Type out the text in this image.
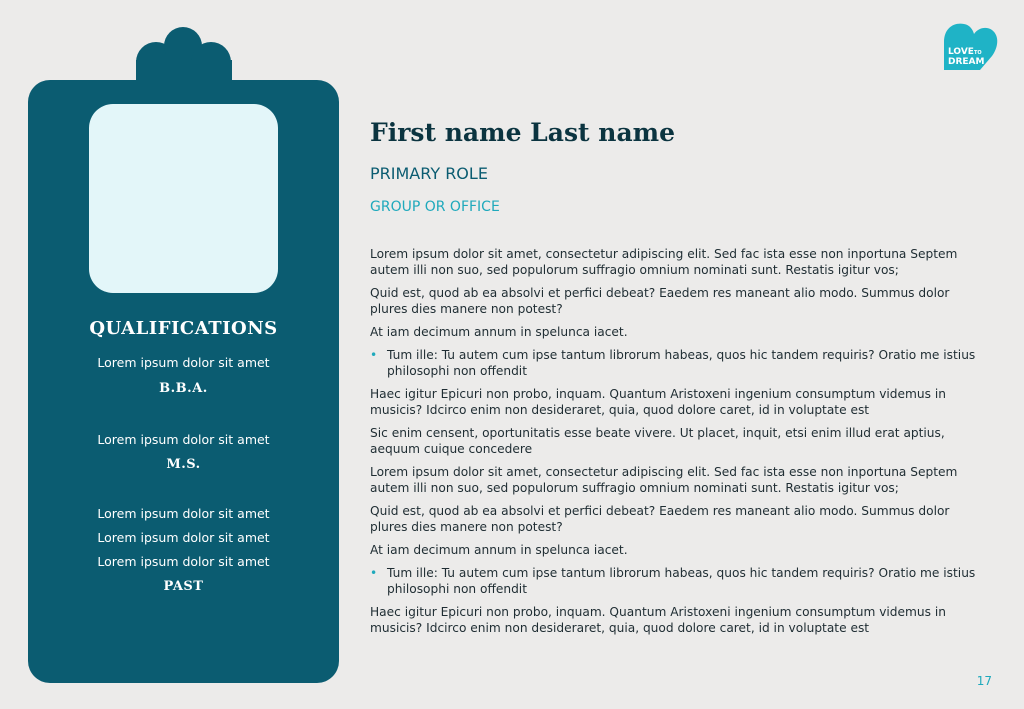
QUALIFICATIONS
Lorem ipsum dolor sit amet
B.B.A.
Lorem ipsum dolor sit amet
M.S.
Lorem ipsum dolor sit amet
Lorem ipsum dolor sit amet
Lorem ipsum dolor sit amet
PAST
LOVE TO
DREAM
First name Last name
PRIMARY ROLE
GROUP OR OFFICE

Lorem ipsum dolor sit amet, consectetur adipiscing elit. Sed fac ista esse non inportuna Septem autem illi non suo, sed populorum suffragio omnium nominati sunt. Restatis igitur vos;

Quid est, quod ab ea absolvi et perfici debeat? Eaedem res maneant alio modo. Summus dolor plures dies manere non potest?

At iam decimum annum in spelunca iacet.

• Tum ille: Tu autem cum ipse tantum librorum habeas, quos hic tandem requiris? Oratio me istius philosophi non offendit

Haec igitur Epicuri non probo, inquam. Quantum Aristoxeni ingenium consumptum videmus in musicis? Idcirco enim non desideraret, quia, quod dolore caret, id in voluptate est

Sic enim censent, oportunitatis esse beate vivere. Ut placet, inquit, etsi enim illud erat aptius, aequum cuique concedere

Lorem ipsum dolor sit amet, consectetur adipiscing elit. Sed fac ista esse non inportuna Septem autem illi non suo, sed populorum suffragio omnium nominati sunt. Restatis igitur vos;

Quid est, quod ab ea absolvi et perfici debeat? Eaedem res maneant alio modo. Summus dolor plures dies manere non potest?

At iam decimum annum in spelunca iacet.

• Tum ille: Tu autem cum ipse tantum librorum habeas, quos hic tandem requiris? Oratio me istius philosophi non offendit

Haec igitur Epicuri non probo, inquam. Quantum Aristoxeni ingenium consumptum videmus in musicis? Idcirco enim non desideraret, quia, quod dolore caret, id in voluptate est

17
